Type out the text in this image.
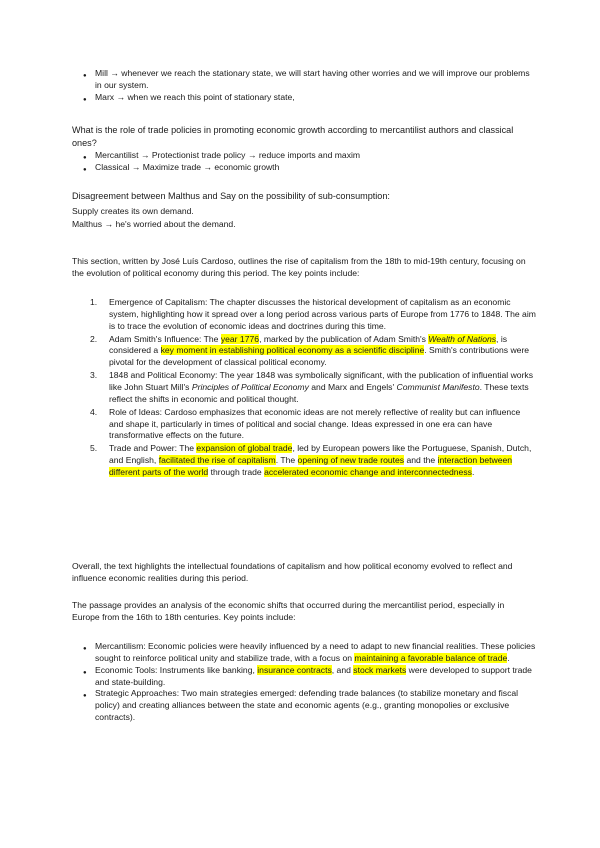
● Mill → whenever we reach the stationary state, we will start having other worries and we will improve our problems in our system.
● Marx → when we reach this point of stationary state,
What is the role of trade policies in promoting economic growth according to mercantilist authors and classical ones?
● Mercantilist → Protectionist trade policy → reduce imports and maxim
● Classical → Maximize trade → economic growth
Disagreement between Malthus and Say on the possibility of sub-consumption:
Supply creates its own demand.
Malthus → he's worried about the demand.
This section, written by José Luís Cardoso, outlines the rise of capitalism from the 18th to mid-19th century, focusing on the evolution of political economy during this period. The key points include:
1. Emergence of Capitalism: The chapter discusses the historical development of capitalism as an economic system, highlighting how it spread over a long period across various parts of Europe from 1776 to 1848. The aim is to trace the evolution of economic ideas and doctrines during this time.
2. Adam Smith's Influence: The year 1776, marked by the publication of Adam Smith's Wealth of Nations, is considered a key moment in establishing political economy as a scientific discipline. Smith's contributions were pivotal for the development of classical political economy.
3. 1848 and Political Economy: The year 1848 was symbolically significant, with the publication of influential works like John Stuart Mill's Principles of Political Economy and Marx and Engels' Communist Manifesto. These texts reflect the shifts in economic and political thought.
4. Role of Ideas: Cardoso emphasizes that economic ideas are not merely reflective of reality but can influence and shape it, particularly in times of political and social change. Ideas expressed in one era can have transformative effects on the future.
5. Trade and Power: The expansion of global trade, led by European powers like the Portuguese, Spanish, Dutch, and English, facilitated the rise of capitalism. The opening of new trade routes and the interaction between different parts of the world through trade accelerated economic change and interconnectedness.
Overall, the text highlights the intellectual foundations of capitalism and how political economy evolved to reflect and influence economic realities during this period.
The passage provides an analysis of the economic shifts that occurred during the mercantilist period, especially in Europe from the 16th to 18th centuries. Key points include:
● Mercantilism: Economic policies were heavily influenced by a need to adapt to new financial realities. These policies sought to reinforce political unity and stabilize trade, with a focus on maintaining a favorable balance of trade.
● Economic Tools: Instruments like banking, insurance contracts, and stock markets were developed to support trade and state-building.
● Strategic Approaches: Two main strategies emerged: defending trade balances (to stabilize monetary and fiscal policy) and creating alliances between the state and economic agents (e.g., granting monopolies or exclusive contracts).
